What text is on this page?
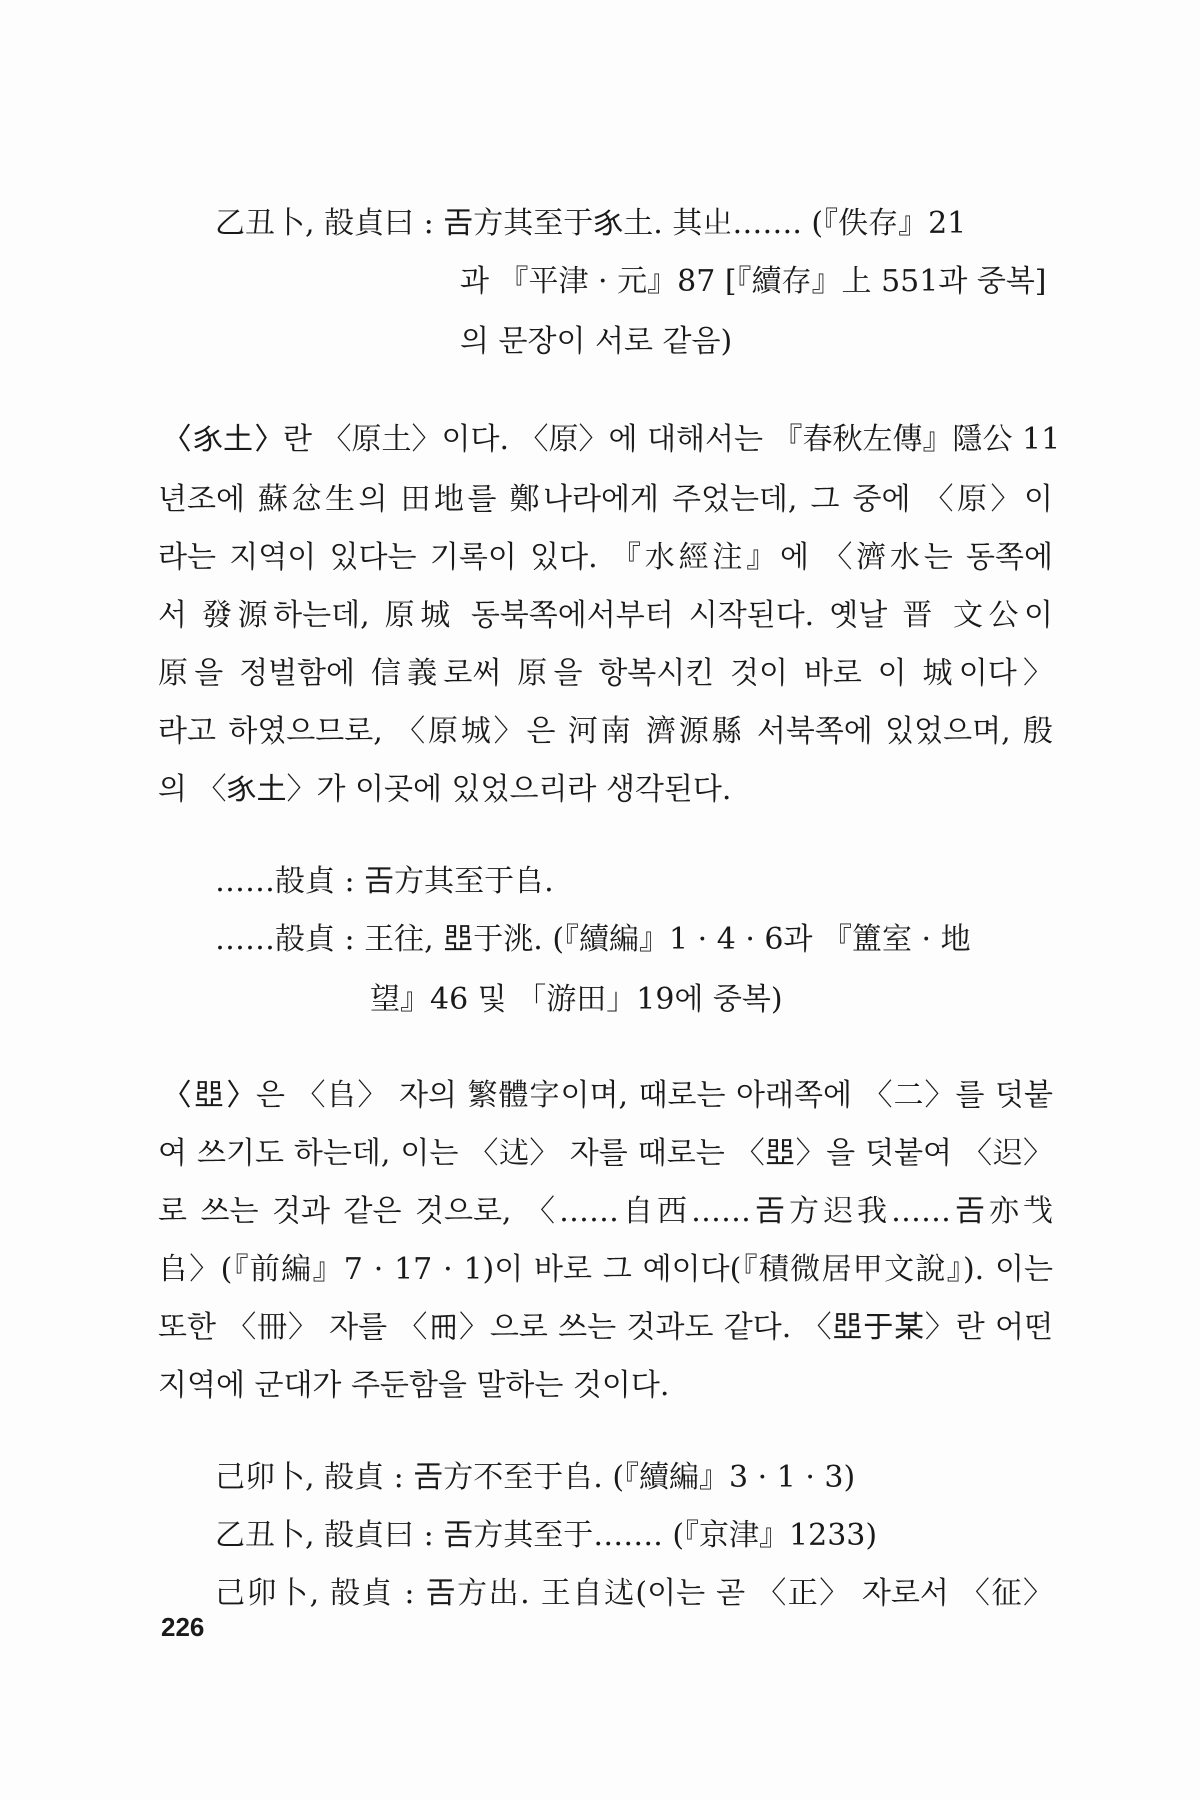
乙丑卜, 㱿貞曰 : 𢀛方其至于𧰨土. 其𡳿……. (『佚存』21

과 『平津 · 元』87 [『續存』上 551과 중복]

의 문장이 서로 같음)

〈𧰨土〉란 〈原土〉이다. 〈原〉에 대해서는 『春秋左傳』隱公 11

년조에 蘇忿生의 田地를 鄭나라에게 주었는데, 그 중에 〈原〉이

라는 지역이 있다는 기록이 있다. 『水經注』에 〈濟水는 동쪽에

서 發源하는데, 原城 동북쪽에서부터 시작된다. 옛날 晋 文公이

原을 정벌함에 信義로써 原을 항복시킨 것이 바로 이 城이다〉

라고 하였으므로, 〈原城〉은 河南 濟源縣 서북쪽에 있었으며, 殷

의 〈𧰨土〉가 이곳에 있었으리라 생각된다.

……㱿貞 : 𢀛方其至于𠂤.

……㱿貞 : 王往, 𠁁于洮. (『續編』1 · 4 · 6과 『簠室 · 地

望』46 및 「游田」19에 중복)

〈𠁁〉은 〈𠂤〉 자의 繁體字이며, 때로는 아래쪽에 〈二〉를 덧붙

여 쓰기도 하는데, 이는 〈𨑫〉 자를 때로는 〈𠁁〉을 덧붙여 〈𨒅〉

로 쓰는 것과 같은 것으로, 〈……自西……𢀛方𨒅我……𢀛亦𢦏

𠂤〉(『前編』7 · 17 · 1)이 바로 그 예이다(『積微居甲文說』). 이는

또한 〈冊〉 자를 〈𠕁〉으로 쓰는 것과도 같다. 〈𠁁于某〉란 어떤

지역에 군대가 주둔함을 말하는 것이다.

己卯卜, 㱿貞 : 𢀛方不至于𠂤. (『續編』3 · 1 · 3)

乙丑卜, 㱿貞曰 : 𢀛方其至于……. (『京津』1233)

己卯卜, 㱿貞 : 𢀛方出. 王自𨑫(이는 곧 〈正〉 자로서 〈征〉

226
